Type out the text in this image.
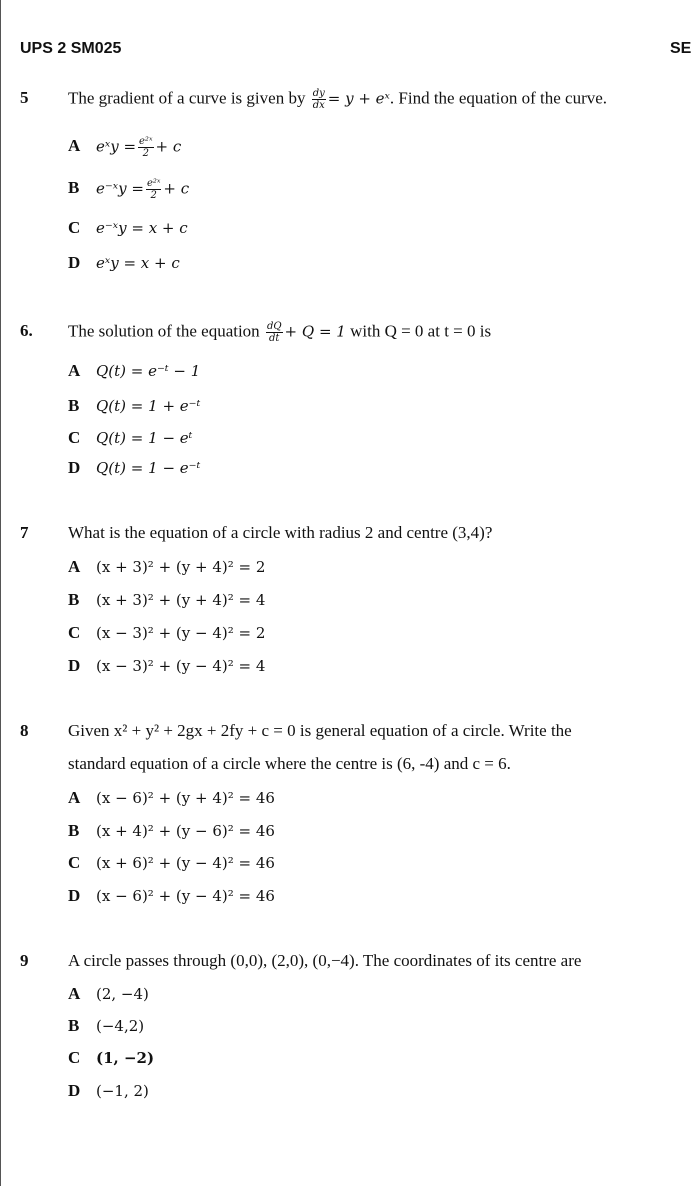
UPS 2 SM025	SE
5 The gradient of a curve is given by $\frac{dy}{dx} = y$ + eˣ. Find the equation of the curve.
A eˣy = $\frac{\text{e²ˣ}}{2} + c$
B e⁻ˣy = $\frac{\text{e²ˣ}}{2} + c$
C e⁻ˣy = x + c
D eˣy = x + c
6. The solution of the equation $\frac{dQ}{dt} + Q = 1$ with Q = 0 at t = 0 is
A Q(t) = e⁻ᵗ − 1
B Q(t) = 1 + e⁻ᵗ
C Q(t) = 1 − eᵗ
D Q(t) = 1 − e⁻ᵗ
7 What is the equation of a circle with radius 2 and centre (3,4)?
A (x + 3)² + (y + 4)² = 2
B (x + 3)² + (y + 4)² = 4
C (x − 3)² + (y − 4)² = 2
D (x − 3)² + (y − 4)² = 4
8 Given x² + y² + 2gx + 2fy + c = 0 is general equation of a circle. Write the
standard equation of a circle where the centre is (6, -4) and c = 6.
A (x − 6)² + (y + 4)² = 46
B (x + 4)² + (y − 6)² = 46
C (x + 6)² + (y − 4)² = 46
D (x − 6)² + (y − 4)² = 46
9 A circle passes through (0,0), (2,0), (0,−4). The coordinates of its centre are
A (2, −4)
B (−4,2)
C (1, −2)
D (−1, 2)
